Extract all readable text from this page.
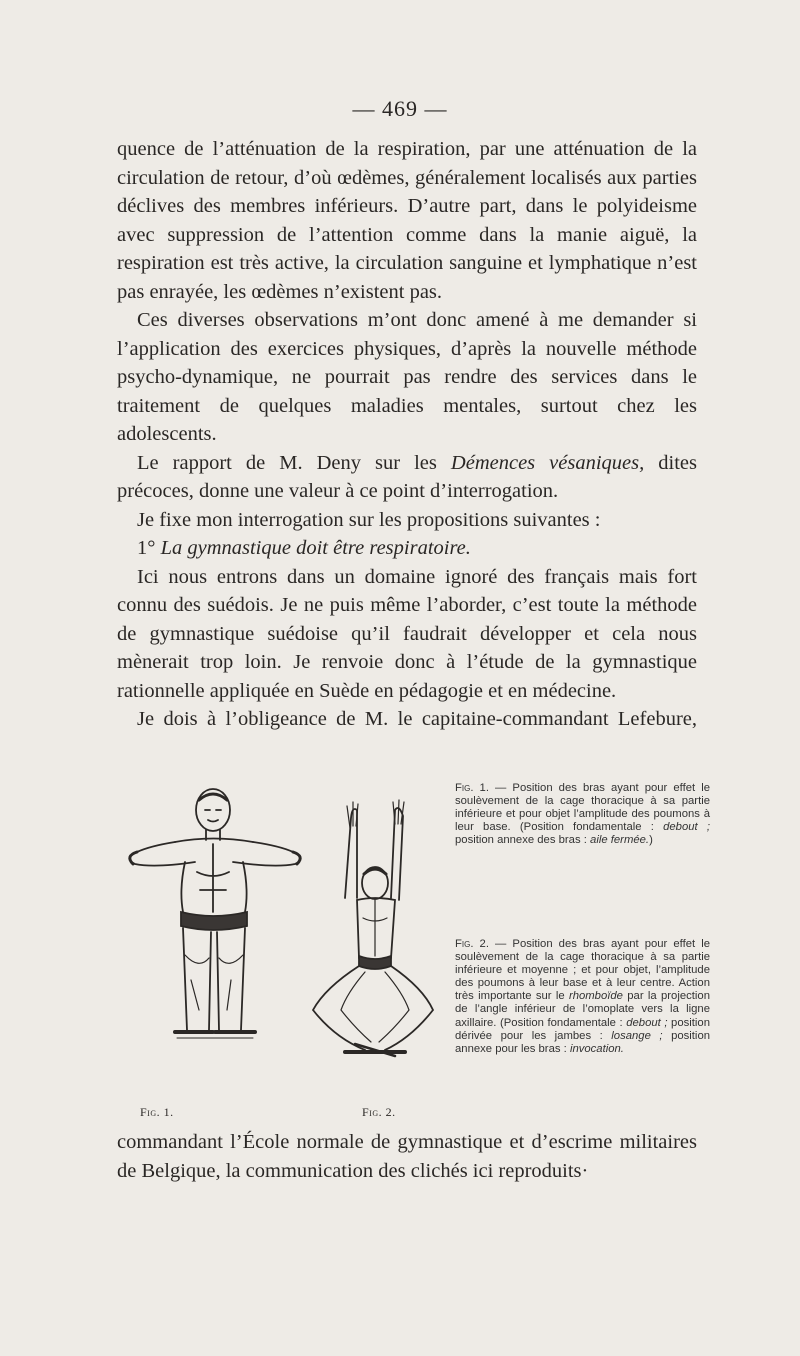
— 469 —

quence de l’atténuation de la respiration, par une atténuation de la circulation de retour, d’où œdèmes, généralement localisés aux parties déclives des membres inférieurs. D’autre part, dans le polyideisme avec suppression de l’attention comme dans la manie aiguë, la respiration est très active, la circulation sanguine et lymphatique n’est pas enrayée, les œdèmes n’existent pas.

Ces diverses observations m’ont donc amené à me demander si l’application des exercices physiques, d’après la nouvelle méthode psycho-dynamique, ne pourrait pas rendre des services dans le traitement de quelques maladies mentales, surtout chez les adolescents.

Le rapport de M. Deny sur les Démences vésaniques, dites précoces, donne une valeur à ce point d’interrogation.

Je fixe mon interrogation sur les propositions suivantes :

1° La gymnastique doit être respiratoire.

Ici nous entrons dans un domaine ignoré des français mais fort connu des suédois. Je ne puis même l’aborder, c’est toute la méthode de gymnastique suédoise qu’il faudrait développer et cela nous mènerait trop loin. Je renvoie donc à l’étude de la gymnastique rationnelle appliquée en Suède en pédagogie et en médecine.

Je dois à l’obligeance de M. le capitaine-commandant Lefebure,

Fig. 1.	Fig. 2.
Fig. 1. — Position des bras ayant pour effet le soulèvement de la cage thoracique à sa partie inférieure et pour objet l’amplitude des poumons à leur base. (Position fondamentale : debout ; position annexe des bras : aile fermée.)
Fig. 2. — Position des bras ayant pour effet le soulèvement de la cage thoracique à sa partie inférieure et moyenne ; et pour objet, l’amplitude des poumons à leur base et à leur centre. Action très importante sur le rhomboïde par la projection de l’angle inférieur de l’omoplate vers la ligne axillaire. (Position fondamentale : debout ; position dérivée pour les jambes : losange ; position annexe pour les bras : invocation.

commandant l’École normale de gymnastique et d’escrime militaires de Belgique, la communication des clichés ici reproduits·
